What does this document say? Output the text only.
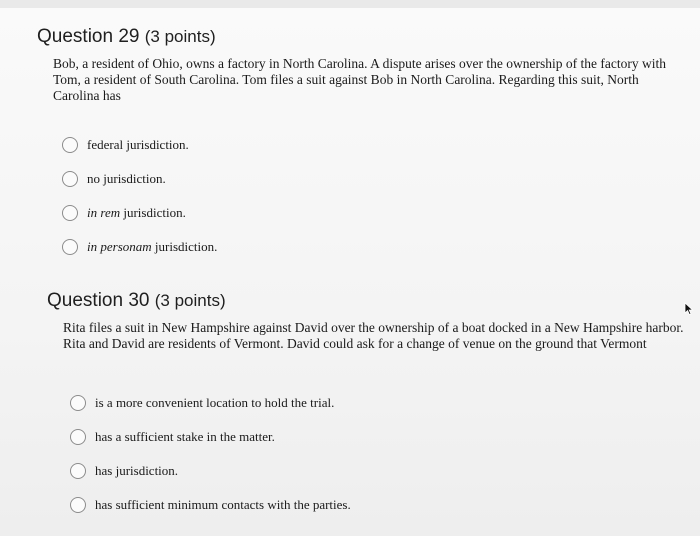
Question 29 (3 points)
Bob, a resident of Ohio, owns a factory in North Carolina. A dispute arises over the ownership of the factory with Tom, a resident of South Carolina. Tom files a suit against Bob in North Carolina. Regarding this suit, North Carolina has
federal jurisdiction.
no jurisdiction.
in rem jurisdiction.
in personam jurisdiction.
Question 30 (3 points)
Rita files a suit in New Hampshire against David over the ownership of a boat docked in a New Hampshire harbor. Rita and David are residents of Vermont. David could ask for a change of venue on the ground that Vermont
is a more convenient location to hold the trial.
has a sufficient stake in the matter.
has jurisdiction.
has sufficient minimum contacts with the parties.
